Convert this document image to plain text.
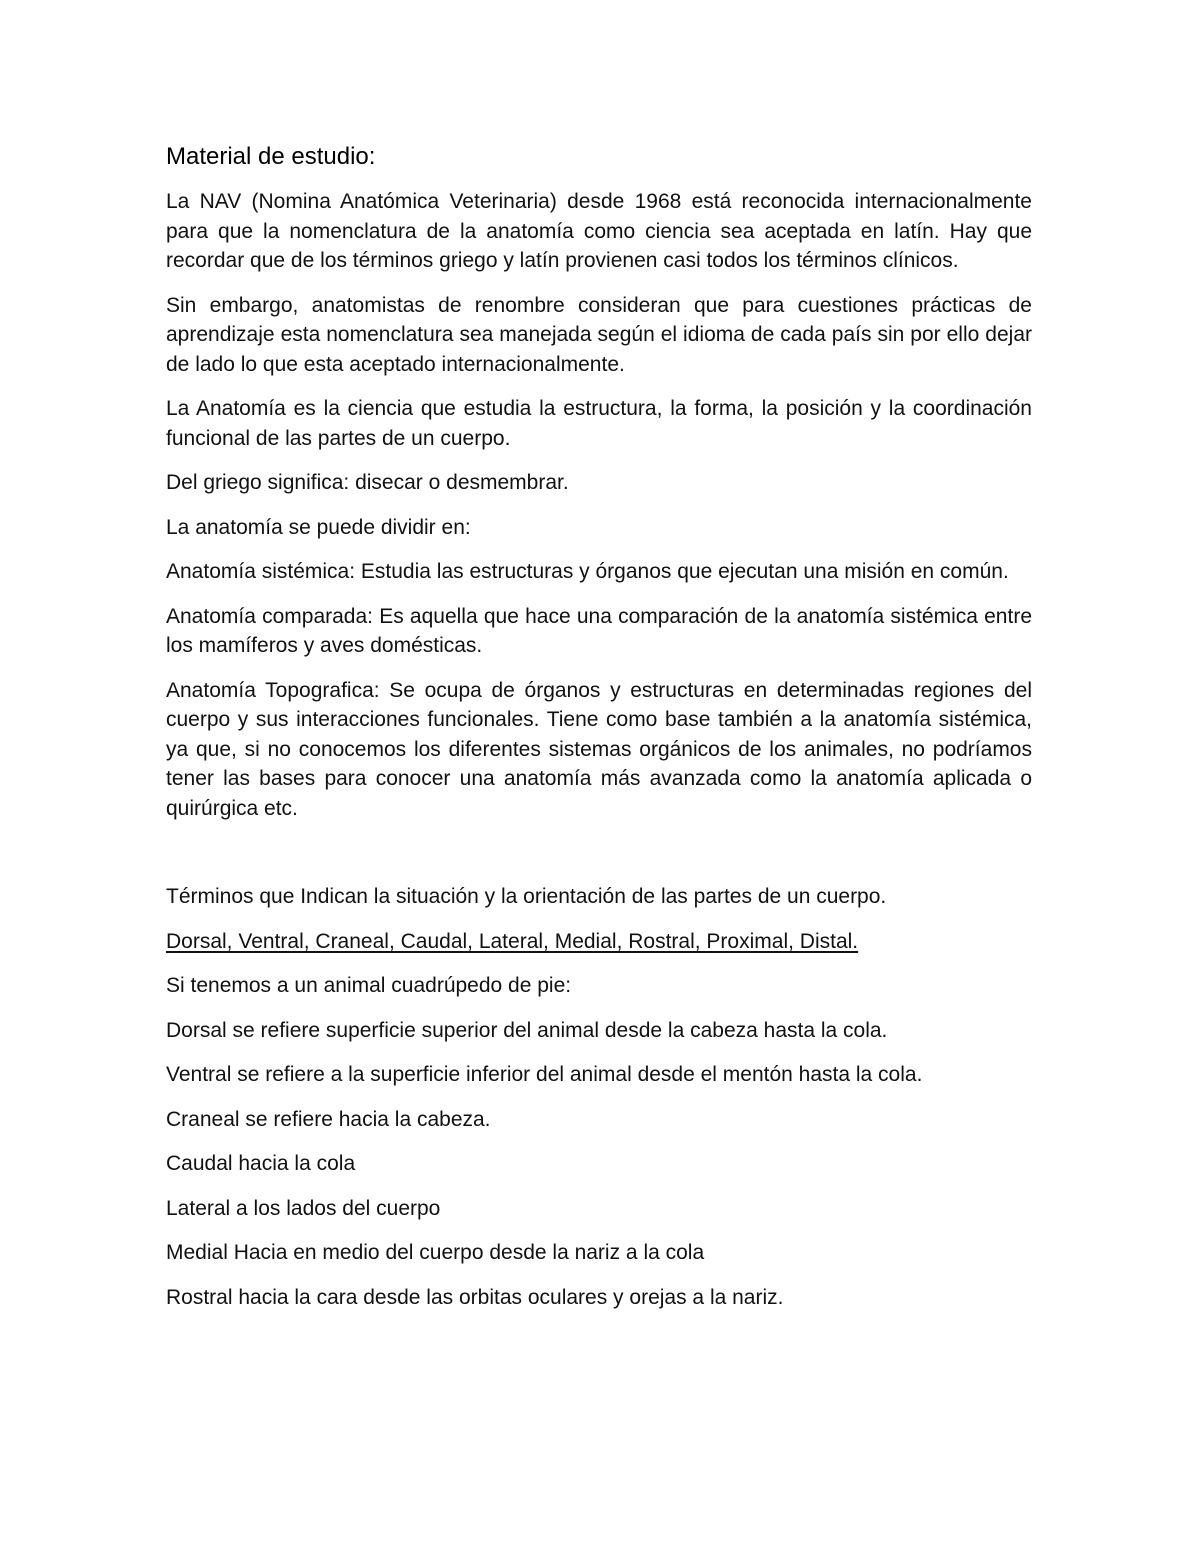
Material de estudio:

La NAV (Nomina Anatómica Veterinaria) desde 1968 está reconocida internacionalmente para que la nomenclatura de la anatomía como ciencia sea aceptada en latín. Hay que recordar que de los términos griego y latín provienen casi todos los términos clínicos.

Sin embargo, anatomistas de renombre consideran que para cuestiones prácticas de aprendizaje esta nomenclatura sea manejada según el idioma de cada país sin por ello dejar de lado lo que esta aceptado internacionalmente.

La Anatomía es la ciencia que estudia la estructura, la forma, la posición y la coordinación funcional de las partes de un cuerpo.

Del griego significa: disecar o desmembrar.

La anatomía se puede dividir en:

Anatomía sistémica: Estudia las estructuras y órganos que ejecutan una misión en común.

Anatomía comparada: Es aquella que hace una comparación de la anatomía sistémica entre los mamíferos y aves domésticas.

Anatomía Topografica: Se ocupa de órganos y estructuras en determinadas regiones del cuerpo y sus interacciones funcionales. Tiene como base también a la anatomía sistémica, ya que, si no conocemos los diferentes sistemas orgánicos de los animales, no podríamos tener las bases para conocer una anatomía más avanzada como la anatomía aplicada o quirúrgica etc.

Términos que Indican la situación y la orientación de las partes de un cuerpo.

Dorsal, Ventral, Craneal, Caudal, Lateral, Medial, Rostral, Proximal, Distal.

Si tenemos a un animal cuadrúpedo de pie:

Dorsal se refiere superficie superior del animal desde la cabeza hasta la cola.

Ventral se refiere a la superficie inferior del animal desde el mentón hasta la cola.

Craneal se refiere hacia la cabeza.

Caudal hacia la cola

Lateral a los lados del cuerpo

Medial Hacia en medio del cuerpo desde la nariz a la cola

Rostral hacia la cara desde las orbitas oculares y orejas a la nariz.
